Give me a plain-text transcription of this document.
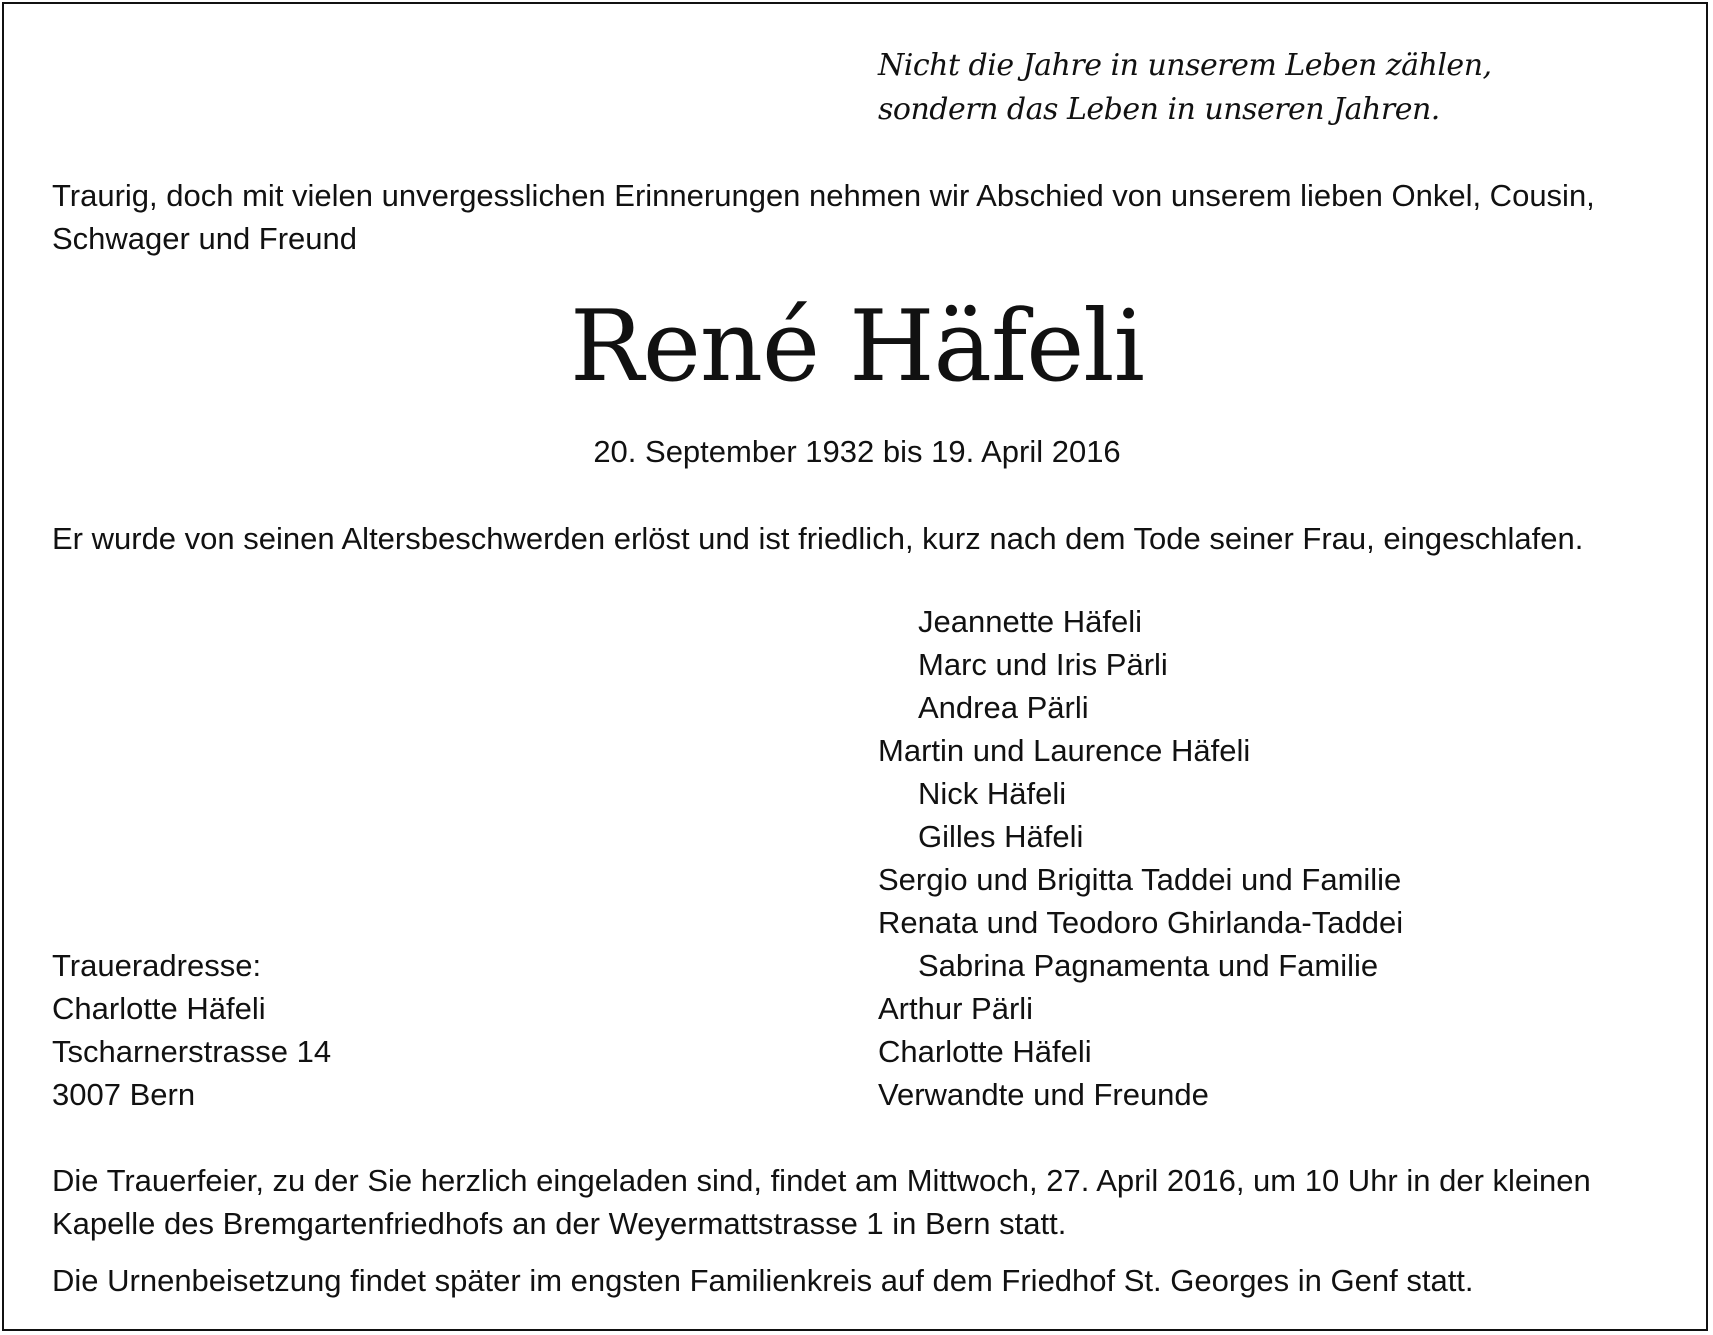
Nicht die Jahre in unserem Leben zählen,
sondern das Leben in unseren Jahren.
Traurig, doch mit vielen unvergesslichen Erinnerungen nehmen wir Abschied von unserem lieben Onkel, Cousin,
Schwager und Freund
René Häfeli
20. September 1932 bis 19. April 2016
Er wurde von seinen Altersbeschwerden erlöst und ist friedlich, kurz nach dem Tode seiner Frau, eingeschlafen.
Jeannette Häfeli
Marc und Iris Pärli
Andrea Pärli
Martin und Laurence Häfeli
Nick Häfeli
Gilles Häfeli
Sergio und Brigitta Taddei und Familie
Renata und Teodoro Ghirlanda-Taddei
Sabrina Pagnamenta und Familie
Arthur Pärli
Charlotte Häfeli
Verwandte und Freunde
Traueradresse:
Charlotte Häfeli
Tscharnerstrasse 14
3007 Bern
Die Trauerfeier, zu der Sie herzlich eingeladen sind, findet am Mittwoch, 27. April 2016, um 10 Uhr in der kleinen
Kapelle des Bremgartenfriedhofs an der Weyermattstrasse 1 in Bern statt.
Die Urnenbeisetzung findet später im engsten Familienkreis auf dem Friedhof St. Georges in Genf statt.
